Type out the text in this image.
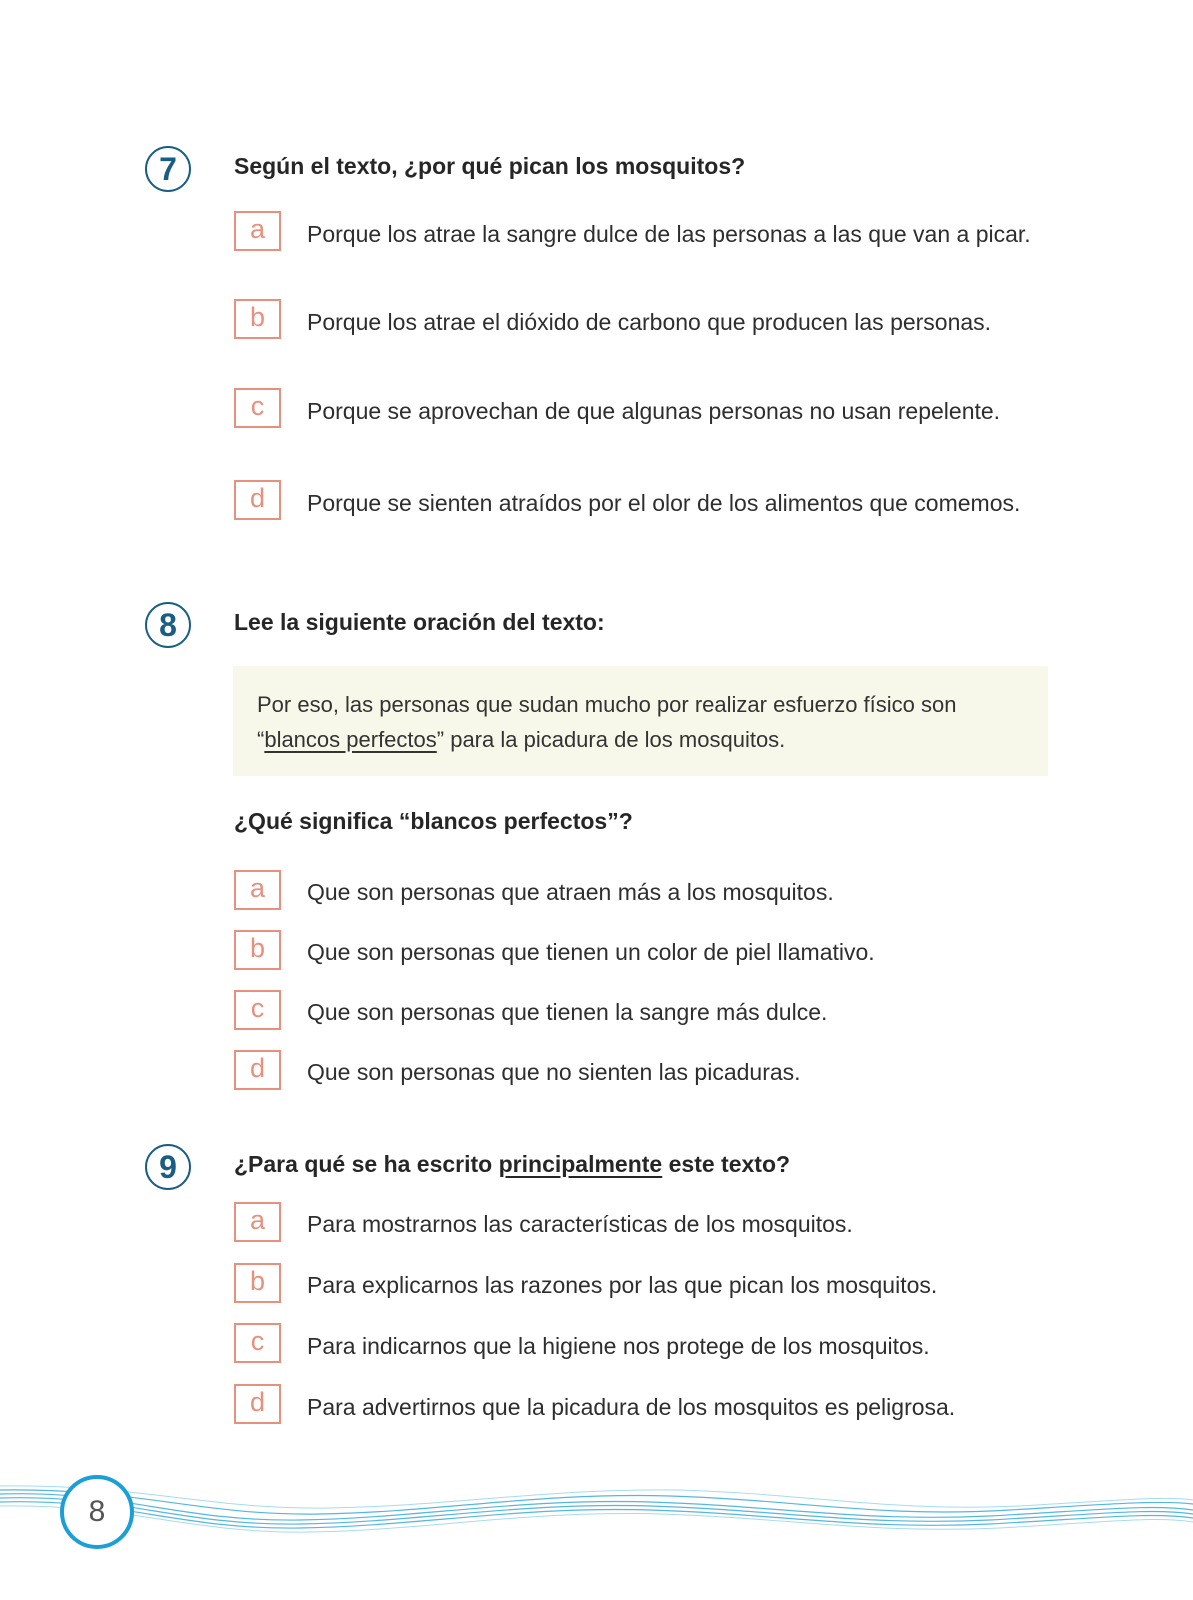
7	Según el texto, ¿por qué pican los mosquitos?
a	Porque los atrae la sangre dulce de las personas a las que van a picar.
b	Porque los atrae el dióxido de carbono que producen las personas.
c	Porque se aprovechan de que algunas personas no usan repelente.
d	Porque se sienten atraídos por el olor de los alimentos que comemos.
8	Lee la siguiente oración del texto:
Por eso, las personas que sudan mucho por realizar esfuerzo físico son “blancos perfectos” para la picadura de los mosquitos.
¿Qué significa “blancos perfectos”?
a	Que son personas que atraen más a los mosquitos.
b	Que son personas que tienen un color de piel llamativo.
c	Que son personas que tienen la sangre más dulce.
d	Que son personas que no sienten las picaduras.
9	¿Para qué se ha escrito principalmente este texto?
a	Para mostrarnos las características de los mosquitos.
b	Para explicarnos las razones por las que pican los mosquitos.
c	Para indicarnos que la higiene nos protege de los mosquitos.
d	Para advertirnos que la picadura de los mosquitos es peligrosa.
8
